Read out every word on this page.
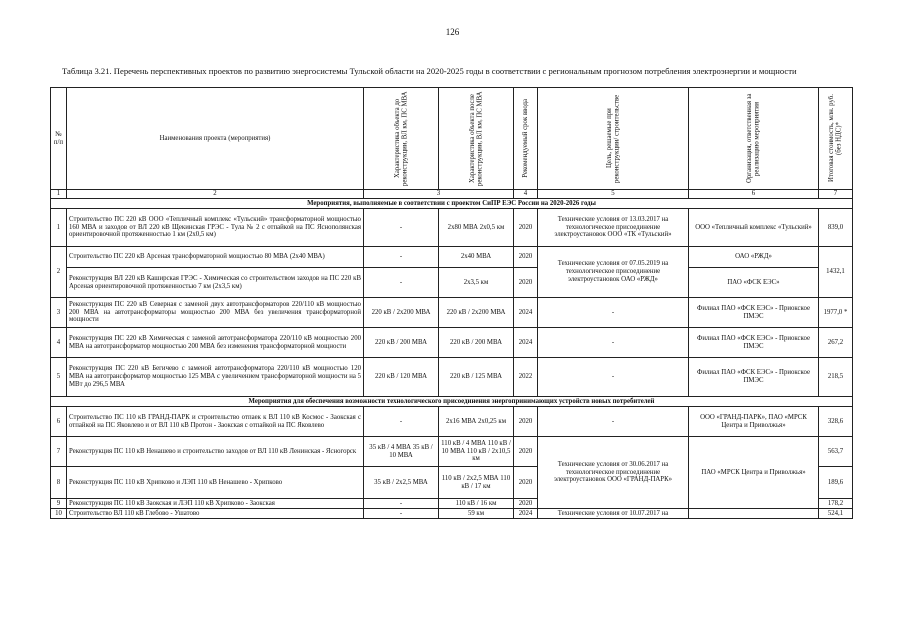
126
Таблица 3.21. Перечень перспективных проектов по развитию энергосистемы Тульской области на 2020-2025 годы в соответствии с региональным прогнозом потребления электроэнергии и мощности
№ п/п	Наименования проекта (мероприятия)	Характеристика объекта до реконструкции, ВЛ км, ПС МВА	Характеристика объекта после реконструкции, ВЛ км, ПС МВА	Рекомендуемый срок ввода	Цель, решаемые при реконструкции/ строительстве	Организация, ответственная за реализацию мероприятия	Итоговая стоимость, млн. руб. (без НДС)*

1	2	3		4	5	6	7
Мероприятия, выполняемые в соответствии с проектом СиПР ЕЭС России на 2020-2026 годы							
1	Строительство ПС 220 кВ ООО «Тепличный комплекс «Тульский» трансформаторной мощностью 160 МВА и заходов от ВЛ 220 кВ Щекинская ГРЭС - Тула № 2 с отпайкой на ПС Яснополянская ориентировочной протяженностью 1 км (2х0,5 км)	-	2х80 МВА 2х0,5 км	2020	Технические условия от 13.03.2017 на технологическое присоединение электроустановок ООО «ТК «Тульский»	ООО «Тепличный комплекс «Тульский»	839,0
2	Строительство ПС 220 кВ Арсеная трансформаторной мощностью 80 МВА (2х40 МВА)	-	2х40 МВА	2020	Технические условия от 07.05.2019 на технологическое присоединение электроустановок ОАО «РЖД»	ОАО «РЖД»	1432,1
	Реконструкция ВЛ 220 кВ Каширская ГРЭС - Химическая со строительством заходов на ПС 220 кВ Арсеная ориентировочной протяженностью 7 км (2х3,5 км)	-	2х3,5 км	2020		ПАО «ФСК ЕЭС»	
3	Реконструкция ПС 220 кВ Северная с заменой двух автотрансформаторов 220/110 кВ мощностью 200 МВА на автотрансформаторы мощностью 200 МВА без увеличения трансформаторной мощности	220 кВ / 2х200 МВА	220 кВ / 2х200 МВА	2024	-	Филиал ПАО «ФСК ЕЭС» - Приокское ПМЭС	1977,0 *
4	Реконструкция ПС 220 кВ Химическая с заменой автотрансформатора 220/110 кВ мощностью 200 МВА на автотрансформатор мощностью 200 МВА без изменения трансформаторной мощности	220 кВ / 200 МВА	220 кВ / 200 МВА	2024	-	Филиал ПАО «ФСК ЕЭС» - Приокское ПМЭС	267,2
5	Реконструкция ПС 220 кВ Бегичево с заменой автотрансформатора 220/110 кВ мощностью 120 МВА на автотрансформатор мощностью 125 МВА с увеличением трансформаторной мощности на 5 МВт до 296,5 МВА	220 кВ / 120 МВА	220 кВ / 125 МВА	2022	-	Филиал ПАО «ФСК ЕЭС» - Приокское ПМЭС	218,5
Мероприятия для обеспечения возможности технологического присоединения энергопринимающих устройств новых потребителей							
6	Строительство ПС 110 кВ ГРАНД-ПАРК и строительство отпаек к ВЛ 110 кВ Космос - Заокская с отпайкой на ПС Яковлево и от ВЛ 110 кВ Протон - Заокская с отпайкой на ПС Яковлево	-	2х16 МВА 2х0,25 км	2020	-	ООО «ГРАНД-ПАРК», ПАО «МРСК Центра и Приволжья»	328,6
7	Реконструкция ПС 110 кВ Ненашево и строительство заходов от ВЛ 110 кВ Ленинская - Ясногорск	35 кВ / 4 МВА 35 кВ / 10 МВА	110 кВ / 4 МВА 110 кВ / 10 МВА 110 кВ / 2х10,5 км	2020	Технические условия от 30.06.2017 на технологическое присоединение электроустановок ООО «ГРАНД-ПАРК»	ПАО «МРСК Центра и Приволжья»	563,7
8	Реконструкция ПС 110 кВ Хрипково и ЛЭП 110 кВ Ненашево - Хрипково	35 кВ / 2х2,5 МВА	110 кВ / 2х2,5 МВА 110 кВ / 17 км	2020			189,6
9	Реконструкция ПС 110 кВ Заокская и ЛЭП 110 кВ Хрипково - Заокская	-	110 кВ / 16 км	2020			178,2
10	Строительство ВЛ 110 кВ Глебово - Ушатово	-	59 км	2024	Технические условия от 10.07.2017 на		524,1
